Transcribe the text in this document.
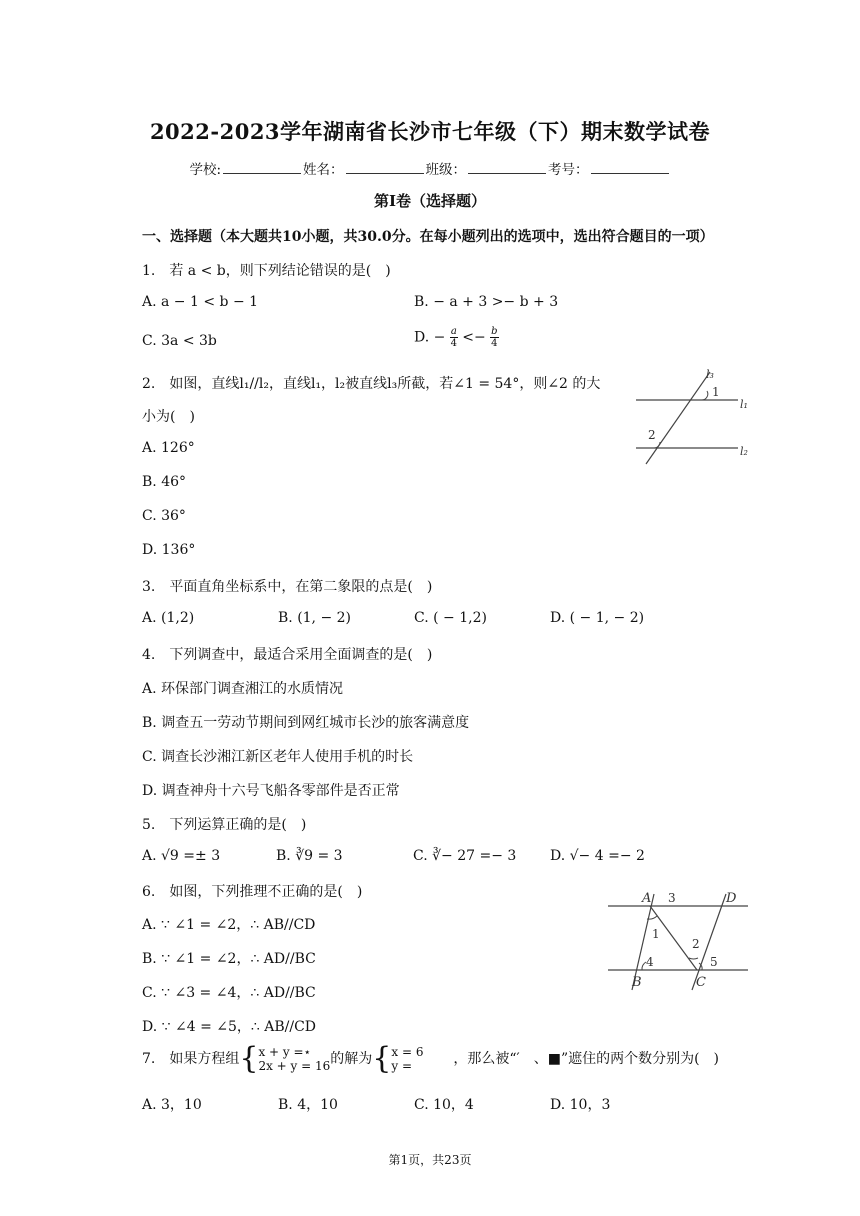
2022-2023学年湖南省长沙市七年级（下）期末数学试卷
学校:	姓名：	班级：	考号：
第I卷（选择题）
一、选择题（本大题共10小题，共30.0分。在每小题列出的选项中，选出符合题目的一项）
1.　若 a < b，则下列结论错误的是(　)
A. a − 1 < b − 1	B. − a + 3 >− b + 3
C. 3a < 3b	D. − $\frac{a}{4} <- \frac{b}{4}$
2.　如图，直线l₁//l₂，直线l₁，l₂被直线l₃所截，若∠1 = 54°，则∠2 的大
小为(　)
A. 126°
B. 46°
C. 36°
D. 136°
l₃
1
l₁
2
l₂
3.　平面直角坐标系中，在第二象限的点是(　)
A. (1,2)	B. (1, − 2)	C. ( − 1,2)	D. ( − 1, − 2)
4.　下列调查中，最适合采用全面调查的是(　)
A. 环保部门调查湘江的水质情况
B. 调查五一劳动节期间到网红城市长沙的旅客满意度
C. 调查长沙湘江新区老年人使用手机的时长
D. 调查神舟十六号飞船各零部件是否正常
5.　下列运算正确的是(　)
A. √9 =± 3	B. ∛9 = 3	C. ∛− 27 =− 3 D. √− 4 =− 2
6.　如图，下列推理不正确的是(　)
A. ∵ ∠1 = ∠2，∴ AB//CD
B. ∵ ∠1 = ∠2，∴ AD//BC
C. ∵ ∠3 = ∠4，∴ AD//BC
D. ∵ ∠4 = ∠5，∴ AB//CD
A 3	D
1
2
4	5
B	C
7.　如果方程组{ x + y =⋆
2x + y = 16 的解为{ x = 6
y =	，那么被“′　、■”遮住的两个数分别为(　)
A. 3，10	B. 4，10	C. 10，4	D. 10，3
第1页，共23页
